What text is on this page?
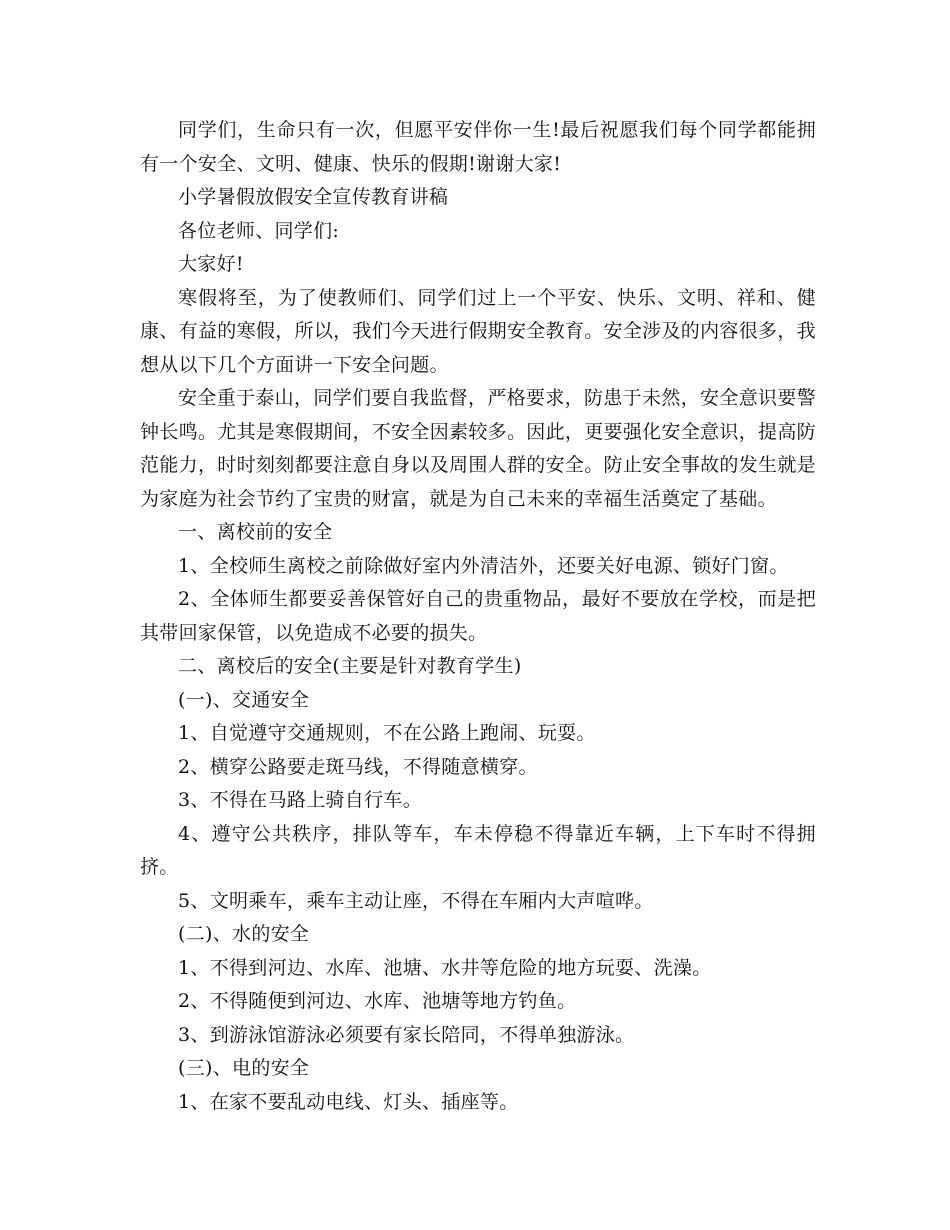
同学们，生命只有一次，但愿平安伴你一生!最后祝愿我们每个同学都能拥有一个安全、文明、健康、快乐的假期!谢谢大家!

小学暑假放假安全宣传教育讲稿

各位老师、同学们:

大家好!

寒假将至，为了使教师们、同学们过上一个平安、快乐、文明、祥和、健康、有益的寒假，所以，我们今天进行假期安全教育。安全涉及的内容很多，我想从以下几个方面讲一下安全问题。

安全重于泰山，同学们要自我监督，严格要求，防患于未然，安全意识要警钟长鸣。尤其是寒假期间，不安全因素较多。因此，更要强化安全意识，提高防范能力，时时刻刻都要注意自身以及周围人群的安全。防止安全事故的发生就是为家庭为社会节约了宝贵的财富，就是为自己未来的幸福生活奠定了基础。

一、离校前的安全

1、全校师生离校之前除做好室内外清洁外，还要关好电源、锁好门窗。

2、全体师生都要妥善保管好自己的贵重物品，最好不要放在学校，而是把其带回家保管，以免造成不必要的损失。

二、离校后的安全(主要是针对教育学生)

(一)、交通安全

1、自觉遵守交通规则，不在公路上跑闹、玩耍。

2、横穿公路要走斑马线，不得随意横穿。

3、不得在马路上骑自行车。

4、遵守公共秩序，排队等车，车未停稳不得靠近车辆，上下车时不得拥挤。

5、文明乘车，乘车主动让座，不得在车厢内大声喧哗。

(二)、水的安全

1、不得到河边、水库、池塘、水井等危险的地方玩耍、洗澡。

2、不得随便到河边、水库、池塘等地方钓鱼。

3、到游泳馆游泳必须要有家长陪同，不得单独游泳。

(三)、电的安全

1、在家不要乱动电线、灯头、插座等。
